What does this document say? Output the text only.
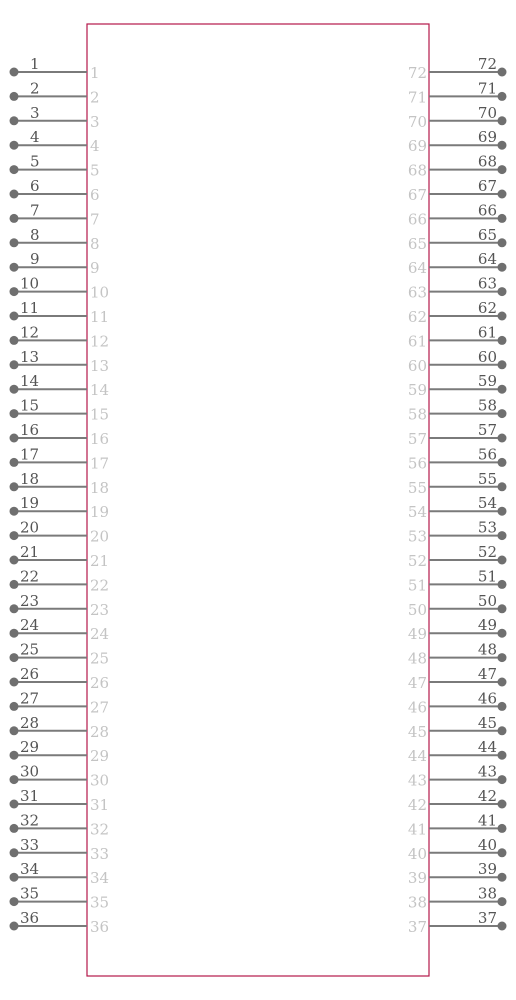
1	1
2	2
3	3
4	4
5	5
6	6
7	7
8	8
9	9
10	10
11	11
12	12
13	13
14	14
15	15
16	16
17	17
18	18
19	19
20	20
21	21
22	22
23	23
24	24
25	25
26	26
27	27
28	28
29	29
30	30
31	31
32	32
33	33
34	34
35	35
36	36
72
72
71
71
70
70
69
69
68
68
67
67
66
66
65
65
64
64
63
63
62
62
61
61
60
60
59
59
58
58
57
57
56
56
55
55
54
54
53
53
52
52
51
51
50
50
49
49
48
48
47
47
46
46
45
45
44
44
43
43
42
42
41
41
40
40
39
39
38
38
37
37
